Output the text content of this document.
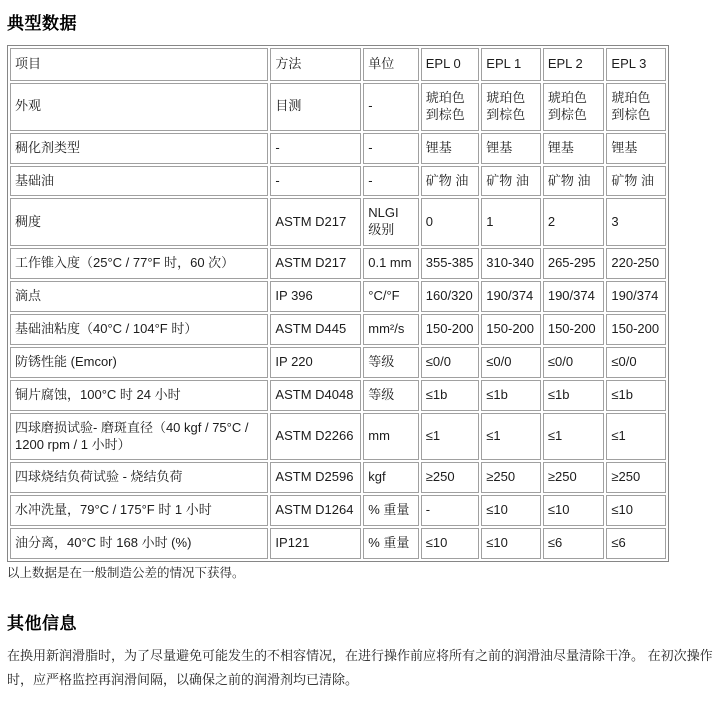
典型数据
项目	方法	单位	EPL 0	EPL 1	EPL 2	EPL 3
外观	目测	-	琥珀色到棕色	琥珀色到棕色	琥珀色到棕色	琥珀色到棕色
稠化剂类型	-	-	锂基	锂基	锂基	锂基
基础油	-	-	矿物 油	矿物 油	矿物 油	矿物 油
稠度	ASTM D217	NLGI 级别	0	1	2	3
工作锥入度（25°C / 77°F 时，60 次）	ASTM D217	0.1 mm	355-385	310-340	265-295	220-250
滴点	IP 396	°C/°F	160/320	190/374	190/374	190/374
基础油粘度（40°C / 104°F 时）	ASTM D445	mm²/s	150-200	150-200	150-200	150-200
防锈性能 (Emcor)	IP 220	等级	≤0/0	≤0/0	≤0/0	≤0/0
铜片腐蚀，100°C 时 24 小时	ASTM D4048	等级	≤1b	≤1b	≤1b	≤1b
四球磨损试验- 磨斑直径（40 kgf / 75°C / 1200 rpm / 1 小时）	ASTM D2266	mm	≤1	≤1	≤1	≤1
四球烧结负荷试验 - 烧结负荷	ASTM D2596	kgf	≥250	≥250	≥250	≥250
水冲洗量，79°C / 175°F 时 1 小时	ASTM D1264	% 重量	-	≤10	≤10	≤10
油分离，40°C 时 168 小时 (%)	IP121	% 重量	≤10	≤10	≤6	≤6

以上数据是在一般制造公差的情况下获得。

其他信息

在换用新润滑脂时，为了尽量避免可能发生的不相容情况，在进行操作前应将所有之前的润滑油尽量清除干净。 在初次操作时，应严格监控再润滑间隔，以确保之前的润滑剂均已清除。
